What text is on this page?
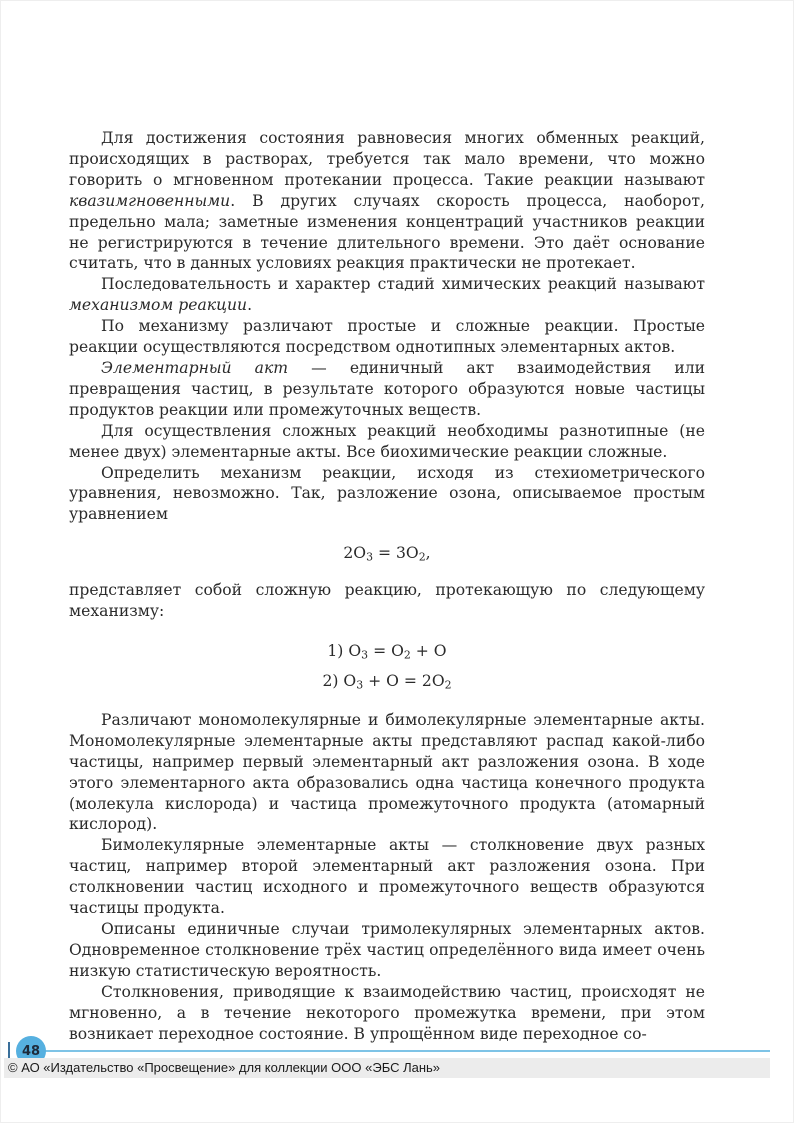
Для достижения состояния равновесия многих обменных реакций, происходящих в растворах, требуется так мало времени, что можно говорить о мгновенном протекании процесса. Такие реакции называют квазимгновенными. В других случаях скорость процесса, наоборот, предельно мала; заметные изменения концентраций участников реакции не регистрируются в течение длительного времени. Это даёт основание считать, что в данных условиях реакция практически не протекает.

Последовательность и характер стадий химических реакций называют механизмом реакции.

По механизму различают простые и сложные реакции. Простые реакции осуществляются посредством однотипных элементарных актов.

Элементарный акт — единичный акт взаимодействия или превращения частиц, в результате которого образуются новые частицы продуктов реакции или промежуточных веществ.

Для осуществления сложных реакций необходимы разнотипные (не менее двух) элементарные акты. Все биохимические реакции сложные.

Определить механизм реакции, исходя из стехиометрического уравнения, невозможно. Так, разложение озона, описываемое простым уравнением

$2O_3 = 3O_2$,

представляет собой сложную реакцию, протекающую по следующему механизму:

1) $O_3 = O_2 + O$
2) $O_3 + O = 2O_2$

Различают мономолекулярные и бимолекулярные элементарные акты. Мономолекулярные элементарные акты представляют распад какой-либо частицы, например первый элементарный акт разложения озона. В ходе этого элементарного акта образовались одна частица конечного продукта (молекула кислорода) и частица промежуточного продукта (атомарный кислород).

Бимолекулярные элементарные акты — столкновение двух разных частиц, например второй элементарный акт разложения озона. При столкновении частиц исходного и промежуточного веществ образуются частицы продукта.

Описаны единичные случаи тримолекулярных элементарных актов. Одновременное столкновение трёх частиц определённого вида имеет очень низкую статистическую вероятность.

Столкновения, приводящие к взаимодействию частиц, происходят не мгновенно, а в течение некоторого промежутка времени, при этом возникает переходное состояние. В упрощённом виде переходное со-

48
© АО «Издательство «Просвещение» для коллекции ООО «ЭБС Лань»
